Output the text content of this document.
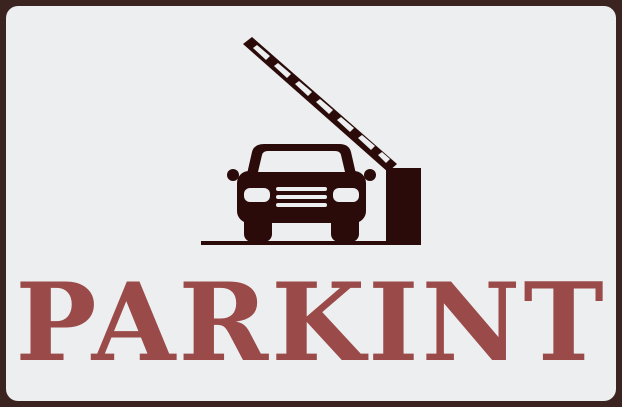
PARKINT
